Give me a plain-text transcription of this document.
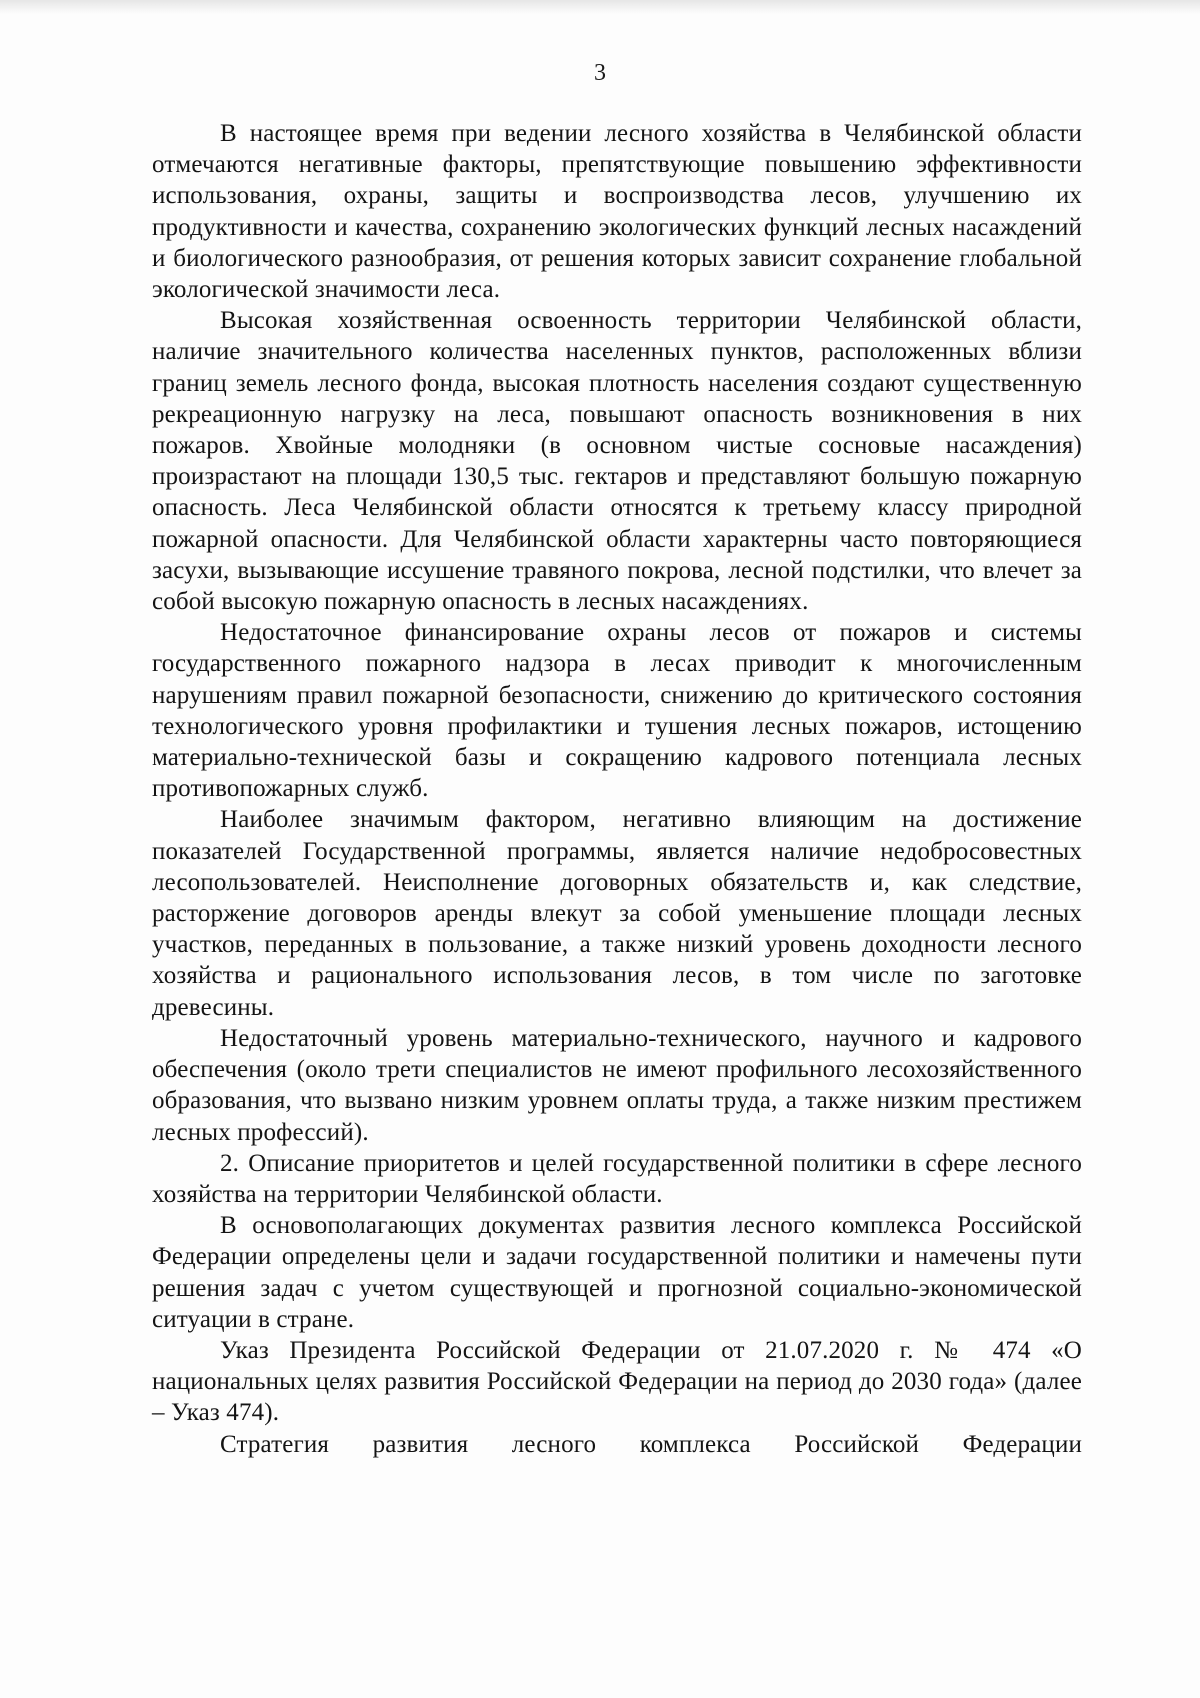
3

В настоящее время при ведении лесного хозяйства в Челябинской области отмечаются негативные факторы, препятствующие повышению эффективности использования, охраны, защиты и воспроизводства лесов, улучшению их продуктивности и качества, сохранению экологических функций лесных насаждений и биологического разнообразия, от решения которых зависит сохранение глобальной экологической значимости леса.

Высокая хозяйственная освоенность территории Челябинской области, наличие значительного количества населенных пунктов, расположенных вблизи границ земель лесного фонда, высокая плотность населения создают существенную рекреационную нагрузку на леса, повышают опасность возникновения в них пожаров. Хвойные молодняки (в основном чистые сосновые насаждения) произрастают на площади 130,5 тыс. гектаров и представляют большую пожарную опасность. Леса Челябинской области относятся к третьему классу природной пожарной опасности. Для Челябинской области характерны часто повторяющиеся засухи, вызывающие иссушение травяного покрова, лесной подстилки, что влечет за собой высокую пожарную опасность в лесных насаждениях.

Недостаточное финансирование охраны лесов от пожаров и системы государственного пожарного надзора в лесах приводит к многочисленным нарушениям правил пожарной безопасности, снижению до критического состояния технологического уровня профилактики и тушения лесных пожаров, истощению материально-технической базы и сокращению кадрового потенциала лесных противопожарных служб.

Наиболее значимым фактором, негативно влияющим на достижение показателей Государственной программы, является наличие недобросовестных лесопользователей. Неисполнение договорных обязательств и, как следствие, расторжение договоров аренды влекут за собой уменьшение площади лесных участков, переданных в пользование, а также низкий уровень доходности лесного хозяйства и рационального использования лесов, в том числе по заготовке древесины.

Недостаточный уровень материально-технического, научного и кадрового обеспечения (около трети специалистов не имеют профильного лесохозяйственного образования, что вызвано низким уровнем оплаты труда, а также низким престижем лесных профессий).

2. Описание приоритетов и целей государственной политики в сфере лесного хозяйства на территории Челябинской области.

В основополагающих документах развития лесного комплекса Российской Федерации определены цели и задачи государственной политики и намечены пути решения задач с учетом существующей и прогнозной социально-экономической ситуации в стране.

Указ Президента Российской Федерации от 21.07.2020 г. № 474 «О национальных целях развития Российской Федерации на период до 2030 года» (далее – Указ 474).

Стратегия развития лесного комплекса Российской Федерации
